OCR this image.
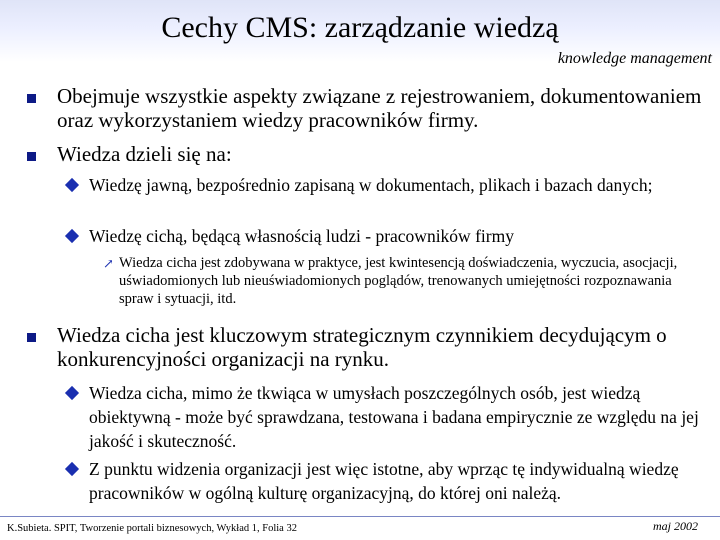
Cechy CMS: zarządzanie wiedzą
knowledge management
Obejmuje wszystkie aspekty związane z rejestrowaniem, dokumentowaniem oraz wykorzystaniem wiedzy pracowników firmy.
Wiedza dzieli się na:
Wiedzę jawną, bezpośrednio zapisaną w dokumentach, plikach i bazach danych;
Wiedzę cichą, będącą własnością ludzi - pracowników firmy
↗ Wiedza cicha jest zdobywana w praktyce, jest kwintesencją doświadczenia, wyczucia, asocjacji, uświadomionych lub nieuświadomionych poglądów, trenowanych umiejętności rozpoznawania spraw i sytuacji, itd.
Wiedza cicha jest kluczowym strategicznym czynnikiem decydującym o konkurencyjności organizacji na rynku.
Wiedza cicha, mimo że tkwiąca w umysłach poszczególnych osób, jest wiedzą obiektywną - może być sprawdzana, testowana i badana empirycznie ze względu na jej jakość i skuteczność.
Z punktu widzenia organizacji jest więc istotne, aby wprząc tę indywidualną wiedzę pracowników w ogólną kulturę organizacyjną, do której oni należą.
K.Subieta. SPIT, Tworzenie portali biznesowych, Wykład 1, Folia 32	maj 2002
